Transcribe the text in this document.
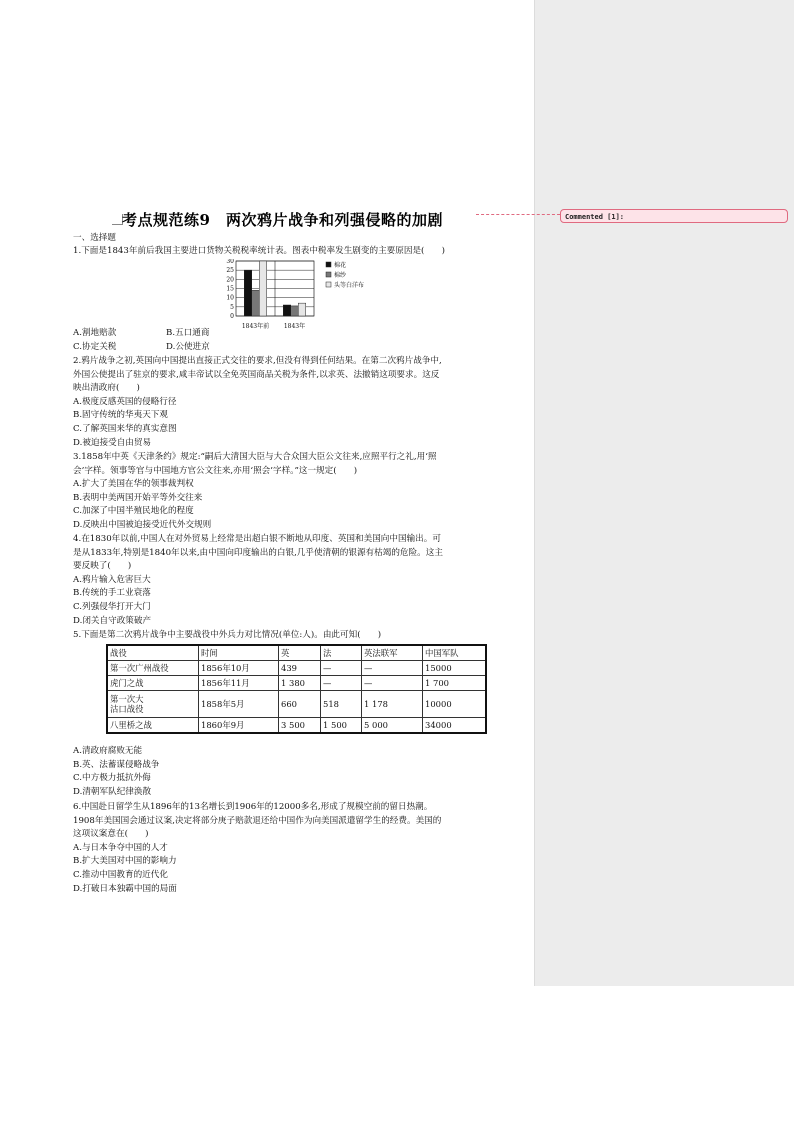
Commented [1]:
考点规范练9　两次鸦片战争和列强侵略的加剧
一、选择题
1.下面是1843年前后我国主要进口货物关税税率统计表。图表中税率发生剧变的主要原因是(　　)
0
5
10
15
20
25
30
1843年前 1843年
棉花
棉纱
头等白洋布
A.割地赔款	B.五口通商
C.协定关税	D.公使进京
2.鸦片战争之初,英国向中国提出直接正式交往的要求,但没有得到任何结果。在第二次鸦片战争中,
外国公使提出了驻京的要求,咸丰帝试以全免英国商品关税为条件,以求英、法撤销这项要求。这反
映出清政府(　　)
A.极度反感英国的侵略行径
B.固守传统的华夷天下观
C.了解英国来华的真实意图
D.被迫接受自由贸易
3.1858年中英《天津条约》规定:“嗣后大清国大臣与大合众国大臣公文往来,应照平行之礼,用‘照
会’字样。领事等官与中国地方官公文往来,亦用‘照会’字样。”这一规定(　　)
A.扩大了美国在华的领事裁判权
B.表明中美两国开始平等外交往来
C.加深了中国半殖民地化的程度
D.反映出中国被迫接受近代外交规则
4.在1830年以前,中国人在对外贸易上经常是出超白银不断地从印度、英国和美国向中国输出。可
是从1833年,特别是1840年以来,由中国向印度输出的白银,几乎使清朝的银源有枯竭的危险。这主
要反映了(　　)
A.鸦片输入危害巨大
B.传统的手工业衰落
C.列强侵华打开大门
D.闭关自守政策破产
5.下面是第二次鸦片战争中主要战役中外兵力对比情况(单位:人)。由此可知(　　)
战役	时间	英	法	英法联军	中国军队
第一次广州战役	1856年10月	439	—	—	15000
虎门之战	1856年11月	1 380	—	—	1 700

第一次大
沽口战役	1858年5月	660	518	1 178	10000
八里桥之战	1860年9月	3 500	1 500	5 000	34000
A.清政府腐败无能
B.英、法蓄谋侵略战争
C.中方极力抵抗外侮
D.清朝军队纪律涣散
6.中国赴日留学生从1896年的13名增长到1906年的12000多名,形成了规模空前的留日热潮。
1908年美国国会通过议案,决定将部分庚子赔款退还给中国作为向美国派遣留学生的经费。美国的
这项议案意在(　　)
A.与日本争夺中国的人才
B.扩大美国对中国的影响力
C.推动中国教育的近代化
D.打破日本独霸中国的局面
